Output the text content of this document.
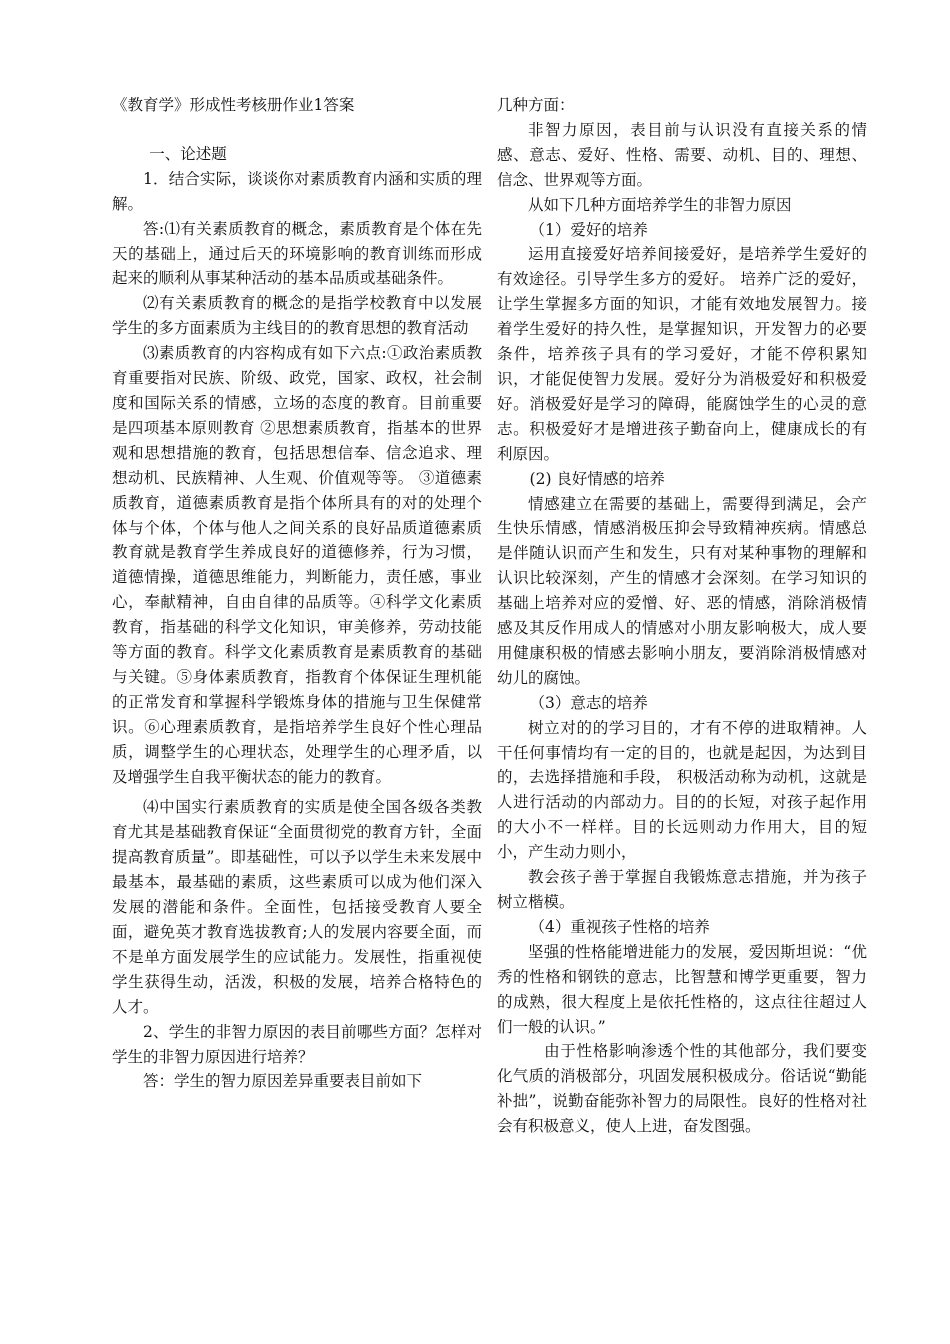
《教育学》形成性考核册作业1答案

一、论述题

1．结合实际，谈谈你对素质教育内涵和实质的理解。

答:⑴有关素质教育的概念，素质教育是个体在先天的基础上，通过后天的环境影响的教育训练而形成起来的顺利从事某种活动的基本品质或基础条件。

⑵有关素质教育的概念的是指学校教育中以发展学生的多方面素质为主线目的的教育思想的教育活动

⑶素质教育的内容构成有如下六点:①政治素质教育重要指对民族、阶级、政党，国家、政权，社会制度和国际关系的情感，立场的态度的教育。目前重要是四项基本原则教育 ②思想素质教育，指基本的世界观和思想措施的教育，包括思想信奉、信念追求、理想动机、民族精神、人生观、价值观等等。 ③道德素质教育，道德素质教育是指个体所具有的对的处理个体与个体，个体与他人之间关系的良好品质道德素质教育就是教育学生养成良好的道德修养，行为习惯，道德情操，道德思维能力，判断能力，责任感，事业心，奉献精神，自由自律的品质等。④科学文化素质教育，指基础的科学文化知识，审美修养，劳动技能等方面的教育。科学文化素质教育是素质教育的基础与关键。⑤身体素质教育，指教育个体保证生理机能的正常发育和掌握科学锻炼身体的措施与卫生保健常识。⑥心理素质教育，是指培养学生良好个性心理品质，调整学生的心理状态，处理学生的心理矛盾，以及增强学生自我平衡状态的能力的教育。

⑷中国实行素质教育的实质是使全国各级各类教育尤其是基础教育保证“全面贯彻党的教育方针，全面提高教育质量”。即基础性，可以予以学生未来发展中最基本，最基础的素质，这些素质可以成为他们深入发展的潜能和条件。全面性，包括接受教育人要全面，避免英才教育选拔教育;人的发展内容要全面，而不是单方面发展学生的应试能力。发展性，指重视使学生获得生动，活泼，积极的发展，培养合格特色的人才。

2、学生的非智力原因的表目前哪些方面？怎样对学生的非智力原因进行培养？

答：学生的智力原因差异重要表目前如下

几种方面：

非智力原因，表目前与认识没有直接关系的情感、意志、爱好、性格、需要、动机、目的、理想、信念、世界观等方面。

从如下几种方面培养学生的非智力原因

（1）爱好的培养

运用直接爱好培养间接爱好，是培养学生爱好的有效途径。引导学生多方的爱好。 培养广泛的爱好，让学生掌握多方面的知识，才能有效地发展智力。接着学生爱好的持久性，是掌握知识，开发智力的必要条件，培养孩子具有的学习爱好，才能不停积累知识，才能促使智力发展。爱好分为消极爱好和积极爱好。消极爱好是学习的障碍，能腐蚀学生的心灵的意志。积极爱好才是增进孩子勤奋向上，健康成长的有利原因。

(2) 良好情感的培养

情感建立在需要的基础上，需要得到满足，会产生快乐情感，情感消极压抑会导致精神疾病。情感总是伴随认识而产生和发生，只有对某种事物的理解和认识比较深刻，产生的情感才会深刻。在学习知识的基础上培养对应的爱憎、好、恶的情感，消除消极情感及其反作用成人的情感对小朋友影响极大，成人要用健康积极的情感去影响小朋友，要消除消极情感对幼儿的腐蚀。

（3）意志的培养

树立对的的学习目的，才有不停的进取精神。人干任何事情均有一定的目的，也就是起因，为达到目的，去选择措施和手段， 积极活动称为动机，这就是人进行活动的内部动力。目的的长短，对孩子起作用的大小不一样样。目的长远则动力作用大，目的短小，产生动力则小，

教会孩子善于掌握自我锻炼意志措施，并为孩子树立楷模。

（4）重视孩子性格的培养

坚强的性格能增进能力的发展，爱因斯坦说：“优秀的性格和钢铁的意志，比智慧和博学更重要，智力的成熟，很大程度上是依托性格的，这点往往超过人们一般的认识。”

　由于性格影响渗透个性的其他部分，我们要变化气质的消极部分，巩固发展积极成分。俗话说“勤能补拙”，说勤奋能弥补智力的局限性。良好的性格对社会有积极意义，使人上进，奋发图强。
